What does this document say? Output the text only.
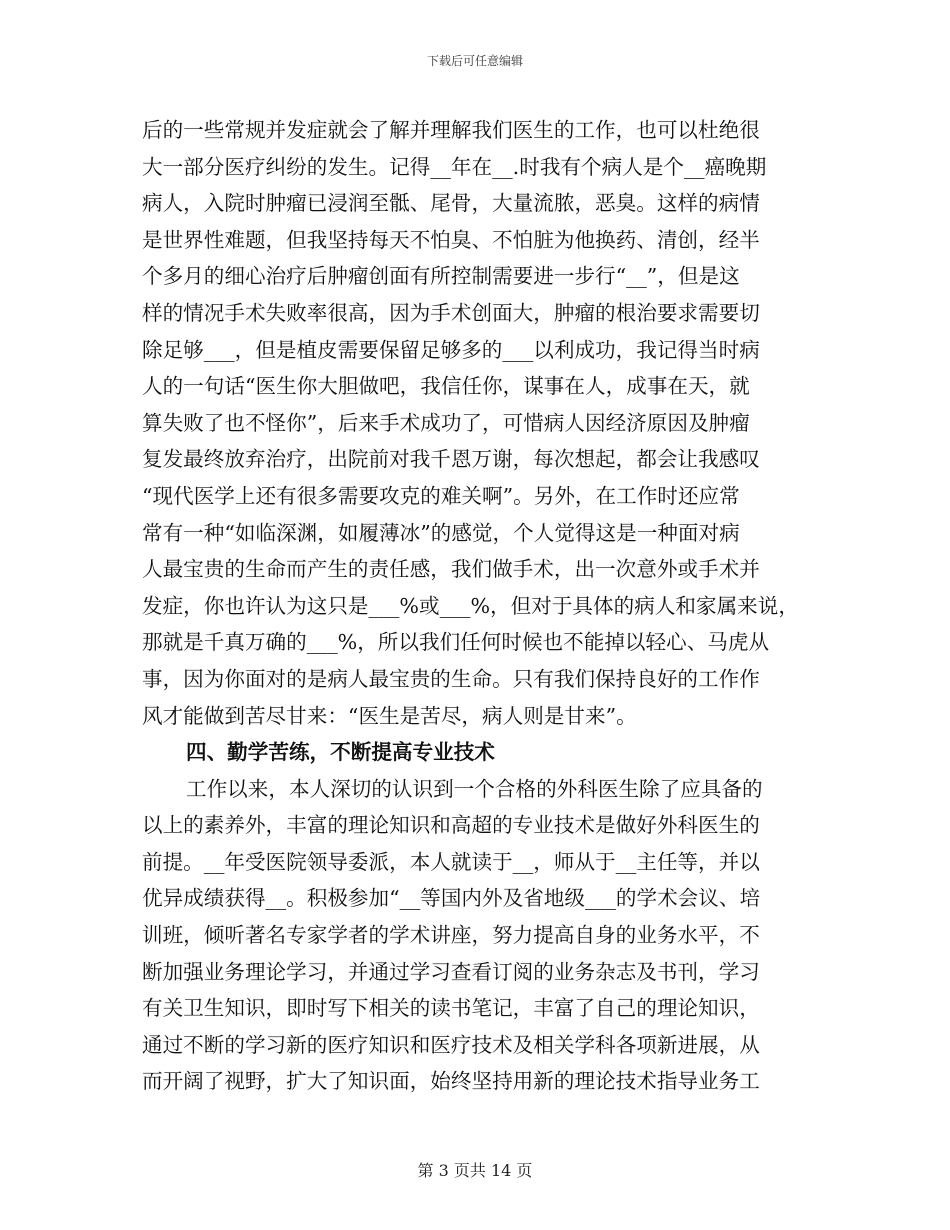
下载后可任意编辑
后的一些常规并发症就会了解并理解我们医生的工作，也可以杜绝很
大一部分医疗纠纷的发生。记得__年在__.时我有个病人是个__癌晚期
病人，入院时肿瘤已浸润至骶、尾骨，大量流脓，恶臭。这样的病情
是世界性难题，但我坚持每天不怕臭、不怕脏为他换药、清创，经半
个多月的细心治疗后肿瘤创面有所控制需要进一步行“__”，但是这
样的情况手术失败率很高，因为手术创面大，肿瘤的根治要求需要切
除足够___，但是植皮需要保留足够多的___以利成功，我记得当时病
人的一句话“医生你大胆做吧，我信任你，谋事在人，成事在天，就
算失败了也不怪你”，后来手术成功了，可惜病人因经济原因及肿瘤
复发最终放弃治疗，出院前对我千恩万谢，每次想起，都会让我感叹
“现代医学上还有很多需要攻克的难关啊”。另外，在工作时还应常
常有一种“如临深渊，如履薄冰”的感觉，个人觉得这是一种面对病
人最宝贵的生命而产生的责任感，我们做手术，出一次意外或手术并
发症，你也许认为这只是___%或___%，但对于具体的病人和家属来说，
那就是千真万确的___%，所以我们任何时候也不能掉以轻心、马虎从
事，因为你面对的是病人最宝贵的生命。只有我们保持良好的工作作
风才能做到苦尽甘来：“医生是苦尽，病人则是甘来”。
四、勤学苦练，不断提高专业技术
工作以来，本人深切的认识到一个合格的外科医生除了应具备的
以上的素养外，丰富的理论知识和高超的专业技术是做好外科医生的
前提。__年受医院领导委派，本人就读于__，师从于__主任等，并以
优异成绩获得__。积极参加“__等国内外及省地级___的学术会议、培
训班，倾听著名专家学者的学术讲座，努力提高自身的业务水平，不
断加强业务理论学习，并通过学习查看订阅的业务杂志及书刊，学习
有关卫生知识，即时写下相关的读书笔记，丰富了自己的理论知识，
通过不断的学习新的医疗知识和医疗技术及相关学科各项新进展，从
而开阔了视野，扩大了知识面，始终坚持用新的理论技术指导业务工
第 3 页共 14 页
